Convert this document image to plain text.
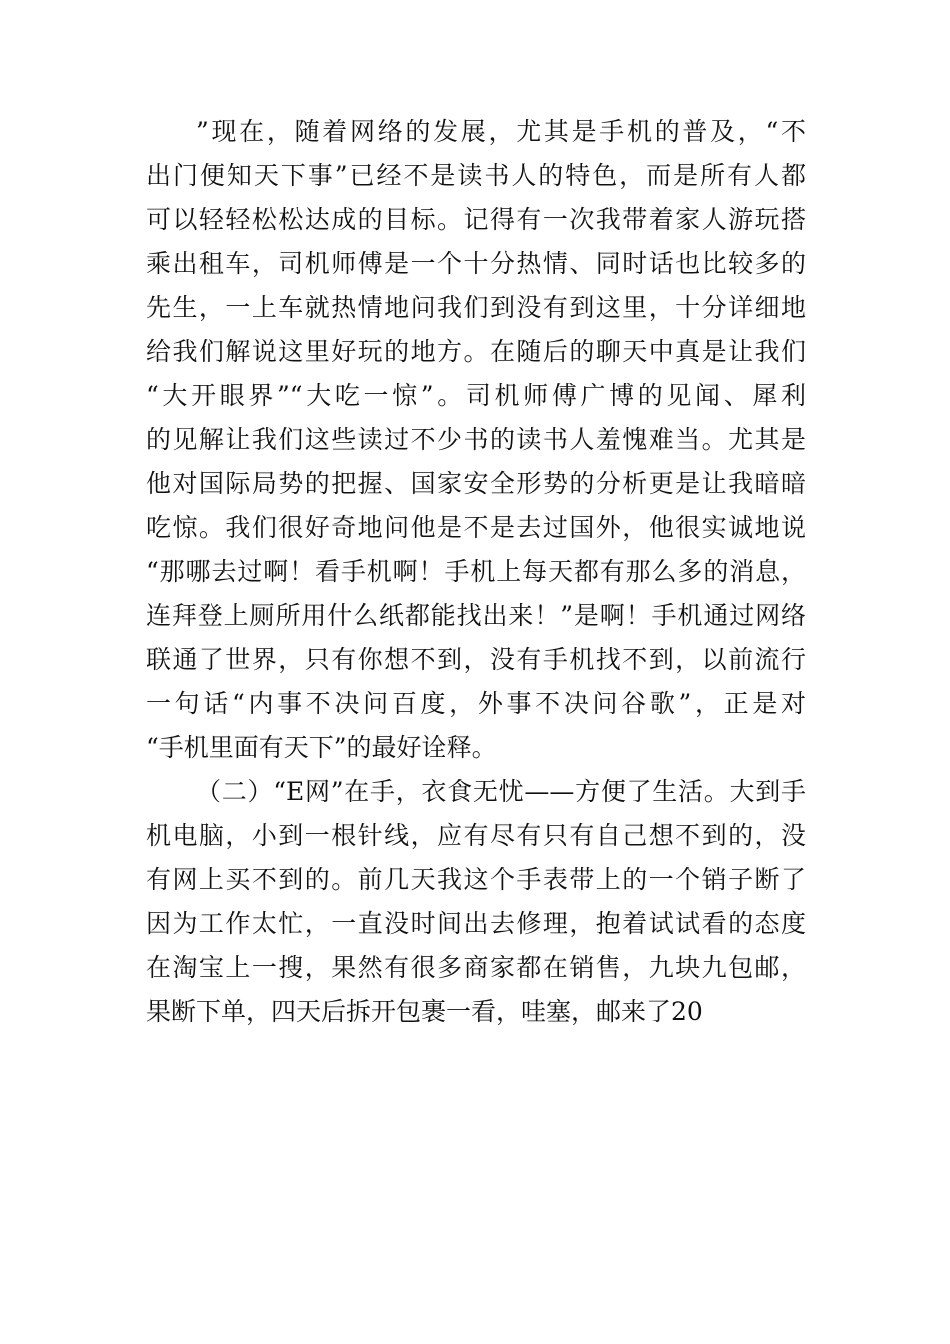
”现在，随着网络的发展，尤其是手机的普及，“不
出门便知天下事”已经不是读书人的特色，而是所有人都
可以轻轻松松达成的目标。记得有一次我带着家人游玩搭
乘出租车，司机师傅是一个十分热情、同时话也比较多的
先生，一上车就热情地问我们到没有到这里，十分详细地
给我们解说这里好玩的地方。在随后的聊天中真是让我们
“大开眼界”“大吃一惊”。司机师傅广博的见闻、犀利
的见解让我们这些读过不少书的读书人羞愧难当。尤其是
他对国际局势的把握、国家安全形势的分析更是让我暗暗
吃惊。我们很好奇地问他是不是去过国外，他很实诚地说
“那哪去过啊！看手机啊！手机上每天都有那么多的消息，
连拜登上厕所用什么纸都能找出来！”是啊！手机通过网络
联通了世界，只有你想不到，没有手机找不到，以前流行
一句话“内事不决问百度，外事不决问谷歌”，正是对
“手机里面有天下”的最好诠释。
（二）“E网”在手，衣食无忧——方便了生活。大到手
机电脑，小到一根针线，应有尽有只有自己想不到的，没
有网上买不到的。前几天我这个手表带上的一个销子断了
因为工作太忙，一直没时间出去修理，抱着试试看的态度
在淘宝上一搜，果然有很多商家都在销售，九块九包邮，
果断下单，四天后拆开包裹一看，哇塞，邮来了20
